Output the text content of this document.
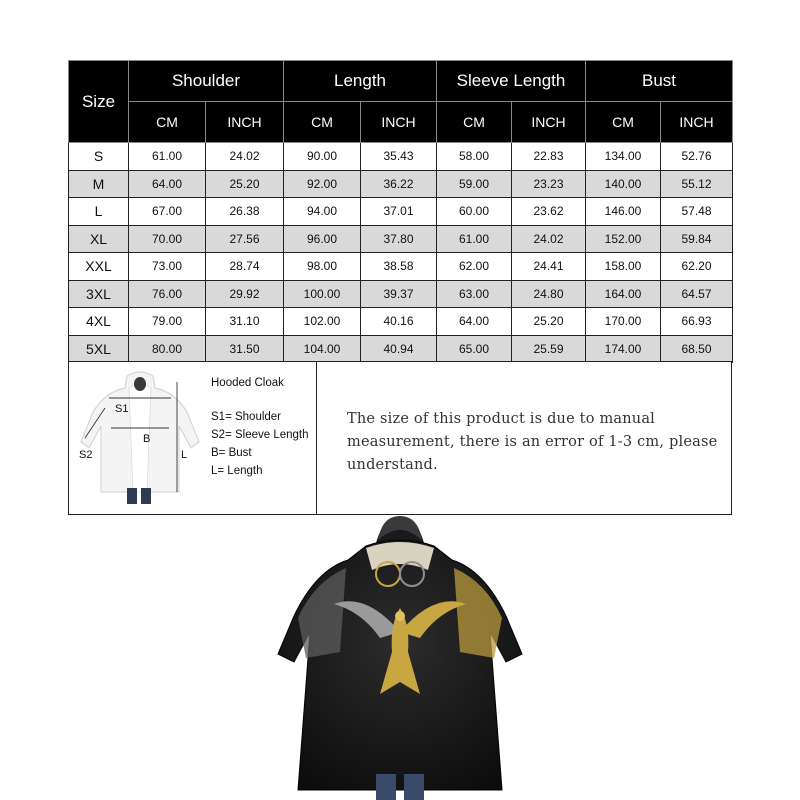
Size	Shoulder		Length		Sleeve Length		Bust	
	CM	INCH	CM	INCH	CM	INCH	CM	INCH
S	61.00	24.02	90.00	35.43	58.00	22.83	134.00	52.76
M	64.00	25.20	92.00	36.22	59.00	23.23	140.00	55.12
L	67.00	26.38	94.00	37.01	60.00	23.62	146.00	57.48
XL	70.00	27.56	96.00	37.80	61.00	24.02	152.00	59.84
XXL	73.00	28.74	98.00	38.58	62.00	24.41	158.00	62.20
3XL	76.00	29.92	100.00	39.37	63.00	24.80	164.00	64.57
4XL	79.00	31.10	102.00	40.16	64.00	25.20	170.00	66.93
5XL	80.00	31.50	104.00	40.94	65.00	25.59	174.00	68.50
S1
S2
B
L
Hooded Cloak
S1= Shoulder
S2= Sleeve Length
B= Bust
L= Length
The size of this product is due to manual measurement, there is an error of 1-3 cm, please understand.
